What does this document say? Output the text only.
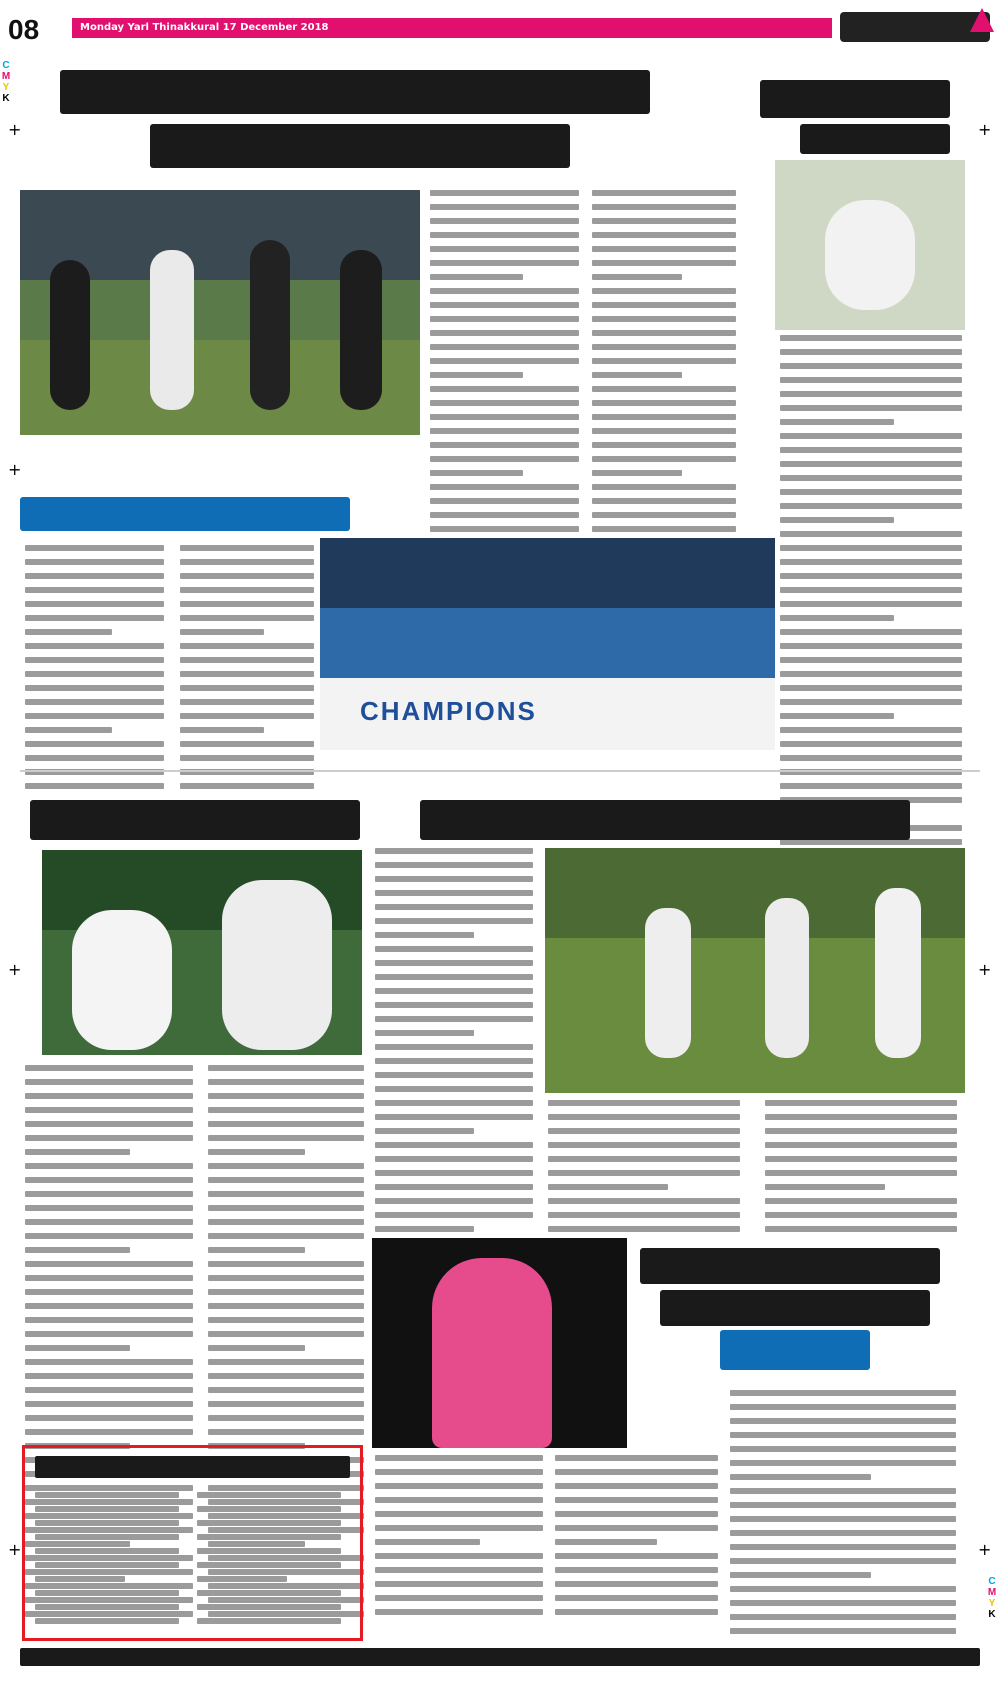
+
+
+
+
+
+
+
C
M
Y
K
C
M
Y
K
08	Monday Yarl Thinakkural 17 December 2018
CHAMPIONS
